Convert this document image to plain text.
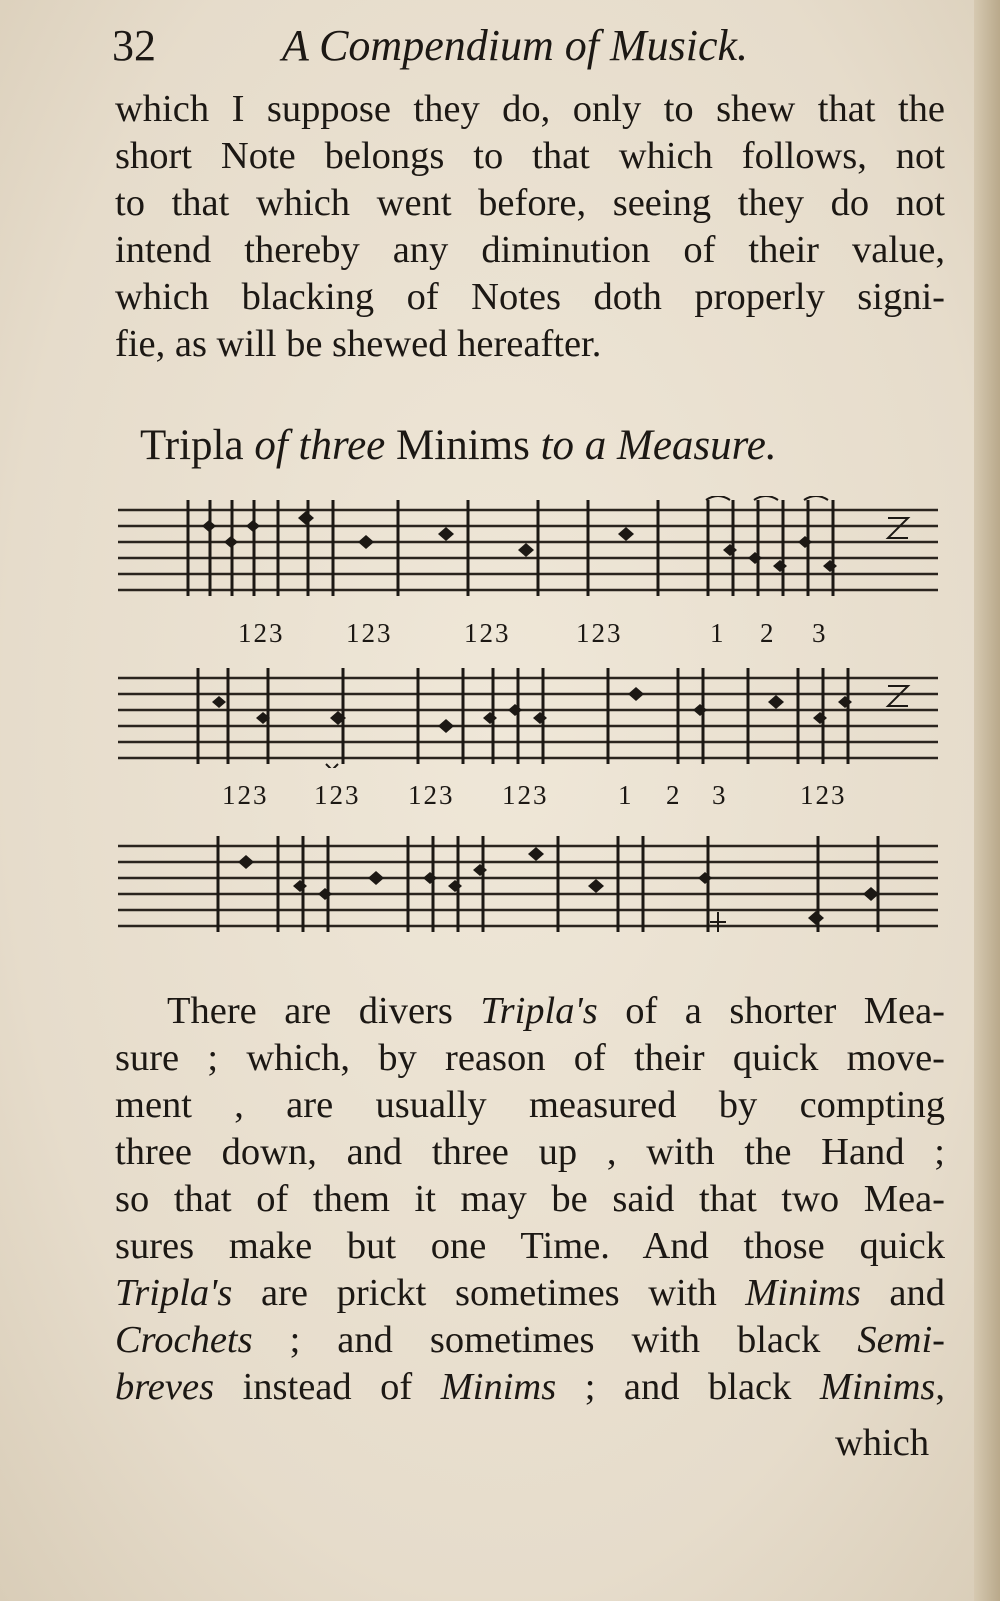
32	A Compendium of Musick.
which I suppose they do, only to shew that the
short Note belongs to that which follows, not
to that which went before, seeing they do not
intend thereby any diminution of their value,
which blacking of Notes doth properly signi-
fie, as will be shewed hereafter.
Tripla of three Minims to a Measure.
123 123	123 123	1 2 3
123 123 123 123	1 2 3	123
There are divers Tripla's of a shorter Mea-
sure ; which, by reason of their quick move-
ment , are usually measured by compting
three down, and three up , with the Hand ;
so that of them it may be said that two Mea-
sures make but one Time. And those quick
Tripla's are prickt sometimes with Minims and
Crochets ; and sometimes with black Semi-
breves instead of Minims ; and black Minims,
which
